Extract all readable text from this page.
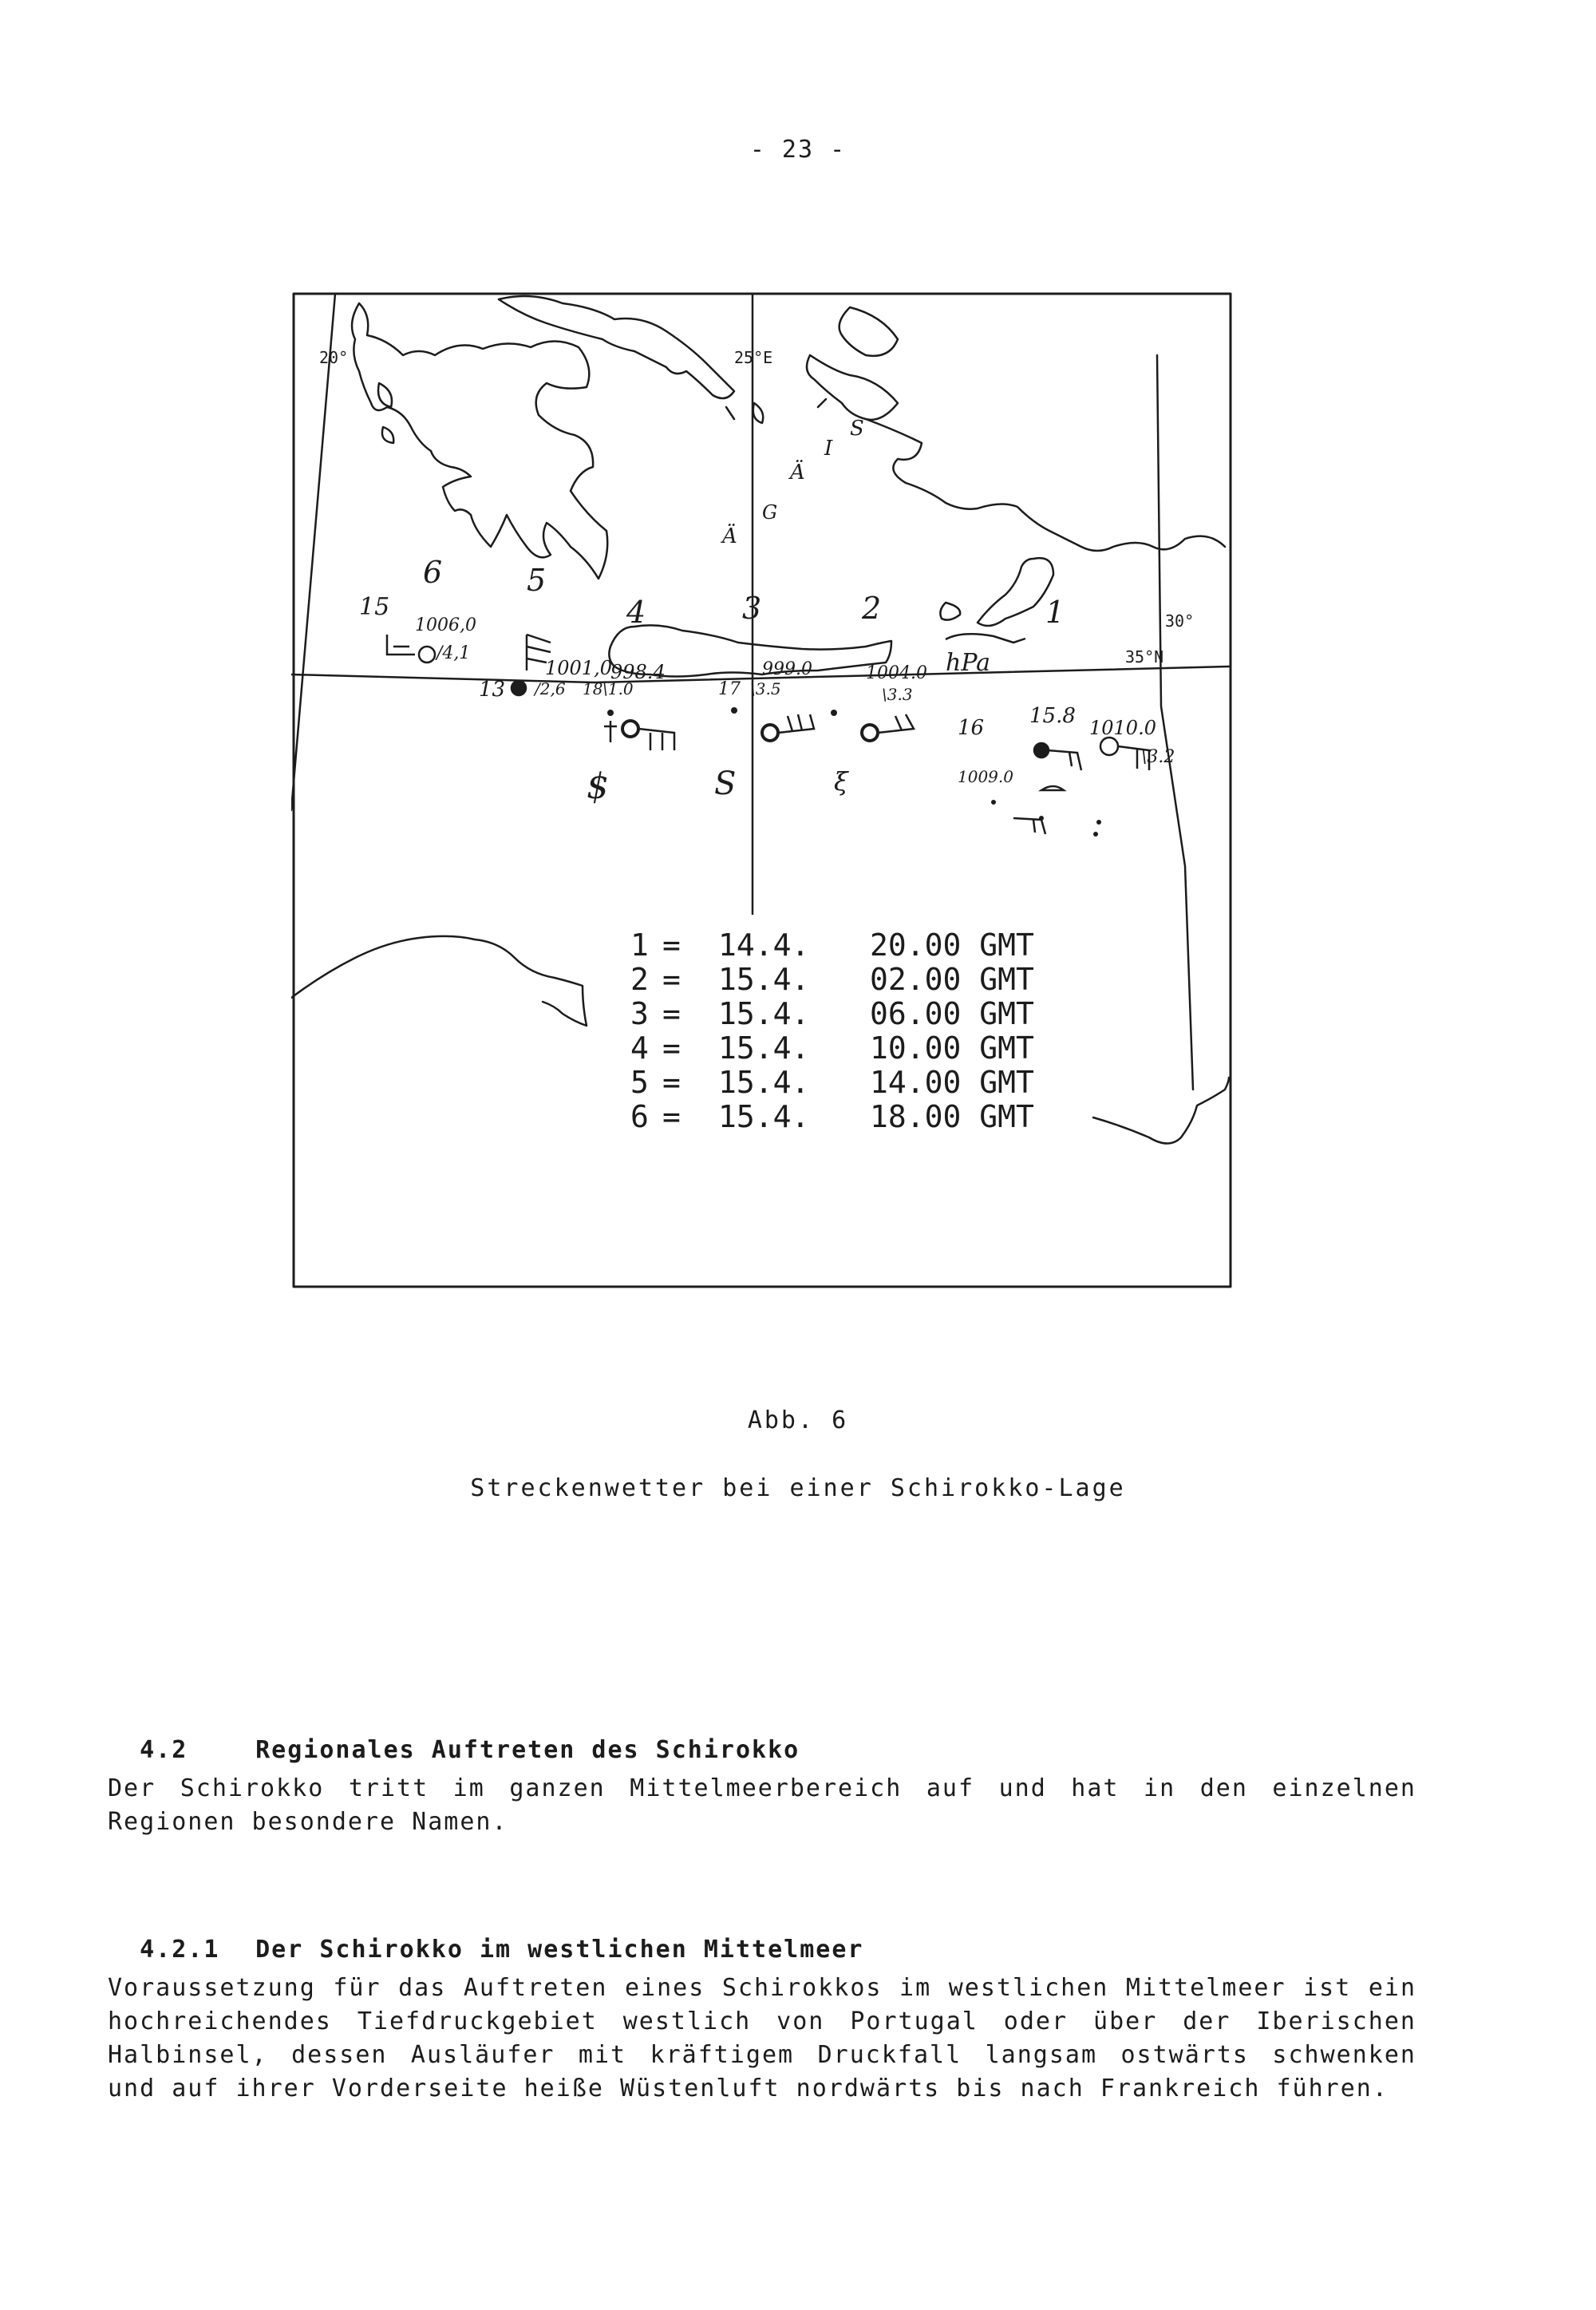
- 23 -
20°	25°E
30°
35°N
Ä
G
Ä
I
S
6	5
4	3	2	1
15
1006,0
/4,1
13
1001,0
/2,6
998.4
18 \1.0
999.0
17 \3.5
1004.0
\3.3
hPa
16 15.8 1010.0
\3.2
1009.0
$	S	ξ
1 = 14.4. 20.00 GMT
2 = 15.4. 02.00 GMT
3 = 15.4. 06.00 GMT
4 = 15.4. 10.00 GMT
5 = 15.4. 14.00 GMT
6 = 15.4. 18.00 GMT
Abb. 6
Streckenwetter bei einer Schirokko-Lage

4.2	Regionales Auftreten des Schirokko

Der Schirokko tritt im ganzen Mittelmeerbereich auf und hat in den einzelnen Regionen besondere Namen.

4.2.1 Der Schirokko im westlichen Mittelmeer

Voraussetzung für das Auftreten eines Schirokkos im westlichen Mittelmeer ist ein hochreichendes Tiefdruckgebiet westlich von Portugal oder über der Iberischen Halbinsel, dessen Ausläufer mit kräftigem Druckfall langsam ostwärts schwenken und auf ihrer Vorderseite heiße Wüstenluft nordwärts bis nach Frankreich führen.
